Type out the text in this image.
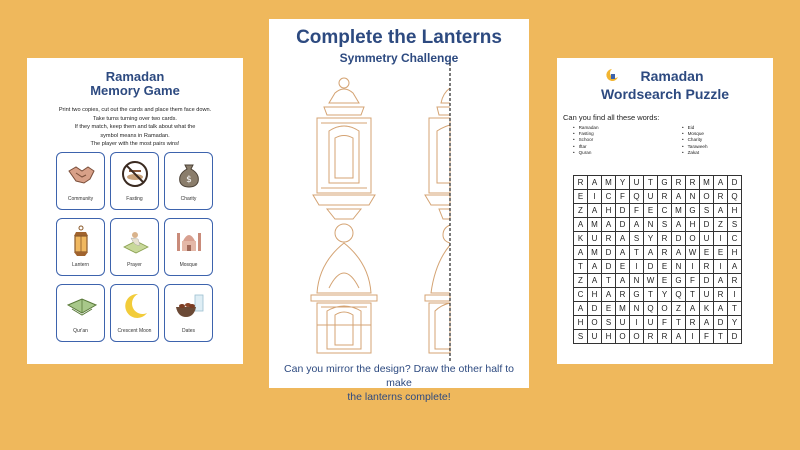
Ramadan
Memory Game
Print two copies, cut out the cards and place them face down.
Take turns turning over two cards.
If they match, keep them and talk about what the
symbol means in Ramadan.
The player with the most pairs wins!
Community	Fasting
$
Charity
Lantern	Prayer	Mosque
Qur'an	Crescent Moon	Dates
Complete the Lanterns
Symmetry Challenge
Can you mirror the design? Draw the other half to make
the lanterns complete!
Ramadan
Wordsearch Puzzle
Can you find all these words:
• Ramadan
• Fasting
• Schoor
• Iftar
• Quran
• Eid
• Mosque
• Charity
• Taraweeh
• Zakat
R	A	M	Y	U	T	G	R	R	M	A	D
E	I	C	F	Q	U	R	A	N	O	R	Q
Z	A	H	D	F	E	C	M	G	S	A	H
A	M	A	D	A	N	S	A	H	D	Z	S
K	U	R	A	S	Y	R	D	O	U	I	C
A	M	D	A	T	A	R	A	W	E	E	H
T	A	D	E	I	D	E	N	I	R	I	A
Z	A	T	A	N	W	E	G	F	D	A	R
C	H	A	R	G	T	Y	Q	T	U	R	I
A	D	E	M	N	Q	O	Z	A	K	A	T
H	O	S	U	I	U	F	T	R	A	D	Y
S	U	H	O	O	R	R	A	I	F	T	D
